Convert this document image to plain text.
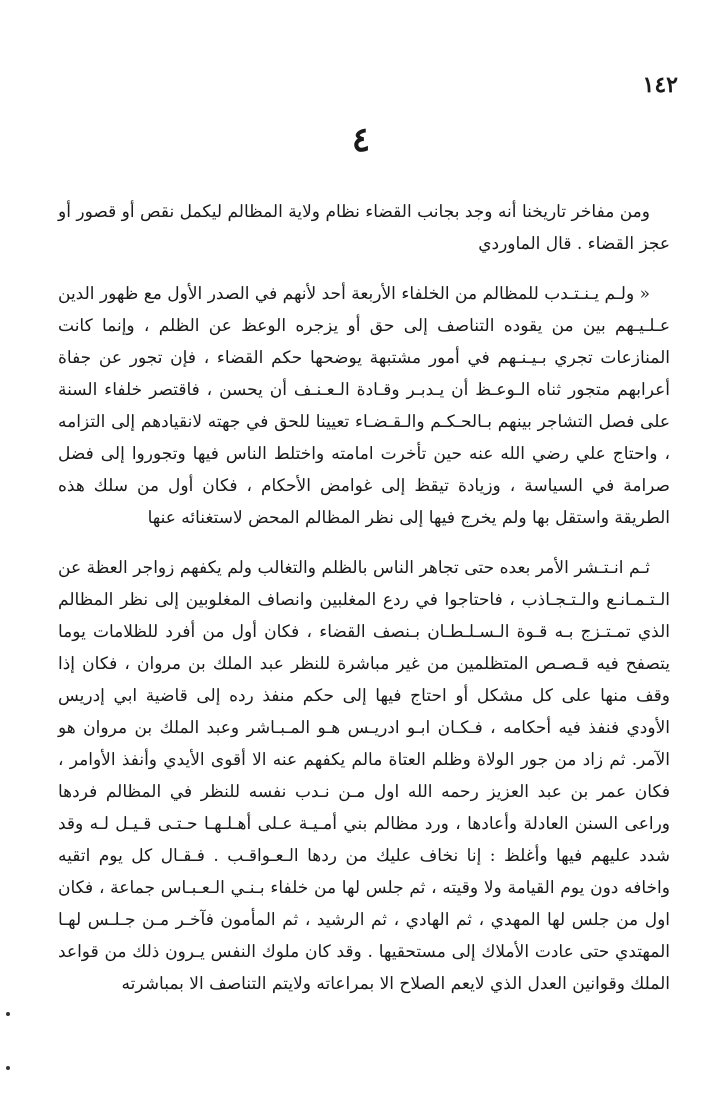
١٤٢
٤

ومن مفاخر تاريخنا أنه وجد بجانب القضاء نظام ولاية المظالم ليكمل نقص أو قصور أو عجز القضاء . قال الماوردي

« ولـم يـنـتـدب للمظالم من الخلفاء الأربعة أحد لأنهم في الصدر الأول مع ظهور الدين عـلـيـهم بين من يقوده التناصف إلى حق أو يزجره الوعظ عن الظلم ، وإنما كانت المنازعات تجري بـيـنـهم في أمور مشتبهة يوضحها حكم القضاء ، فإن تجور عن جفاة أعرابهم متجور ثناه الـوعـظ أن يـدبـر وقـادة الـعـنـف أن يحسن ، فاقتصر خلفاء السنة على فصل التشاجر بينهم بـالحـكـم والـقـضـاء تعيينا للحق في جهته لانقيادهم إلى التزامه ، واحتاج علي رضي الله عنه حين تأخرت امامته واختلط الناس فيها وتجوروا إلى فضل صرامة في السياسة ، وزيادة تيقظ إلى غوامض الأحكام ، فكان أول من سلك هذه الطريقة واستقل بها ولم يخرج فيها إلى نظر المظالم المحض لاستغنائه عنها

ثـم انـتـشر الأمر بعده حتى تجاهر الناس بالظلم والتغالب ولم يكفهم زواجر العظة عن الـتـمـانـع والـتـجـاذب ، فاحتاجوا في ردع المغلبين وانصاف المغلوبين إلى نظر المظالم الذي تمـتـزج بـه قـوة الـسـلـطـان بـنصف القضاء ، فكان أول من أفرد للظلامات يوما يتصفح فيه قـصـص المتظلمين من غير مباشرة للنظر عبد الملك بن مروان ، فكان إذا وقف منها على كل مشكل أو احتاج فيها إلى حكم منفذ رده إلى قاضية ابي إدريس الأودي فنفذ فيه أحكامه ، فـكـان ابـو ادريـس هـو المـبـاشر وعبد الملك بن مروان هو الآمر. ثم زاد من جور الولاة وظلم العتاة مالم يكفهم عنه الا أقوى الأيدي وأنفذ الأوامر ، فكان عمر بن عبد العزيز رحمه الله اول مـن نـدب نفسه للنظر في المظالم فردها وراعى السنن العادلة وأعادها ، ورد مظالم بني أمـيـة عـلى أهـلـهـا حـتـى قـيـل لـه وقد شدد عليهم فيها وأغلظ : إنا نخاف عليك من ردها الـعـواقـب . فـقـال كل يوم اتقيه واخافه دون يوم القيامة ولا وقيته ، ثم جلس لها من خلفاء بـنـي الـعـبـاس جماعة ، فكان اول من جلس لها المهدي ، ثم الهادي ، ثم الرشيد ، ثم المأمون فآخـر مـن جـلـس لهـا المهتدي حتى عادت الأملاك إلى مستحقيها . وقد كان ملوك النفس يـرون ذلك من قواعد الملك وقوانين العدل الذي لايعم الصلاح الا بمراعاته ولايتم التناصف الا بمباشرته
